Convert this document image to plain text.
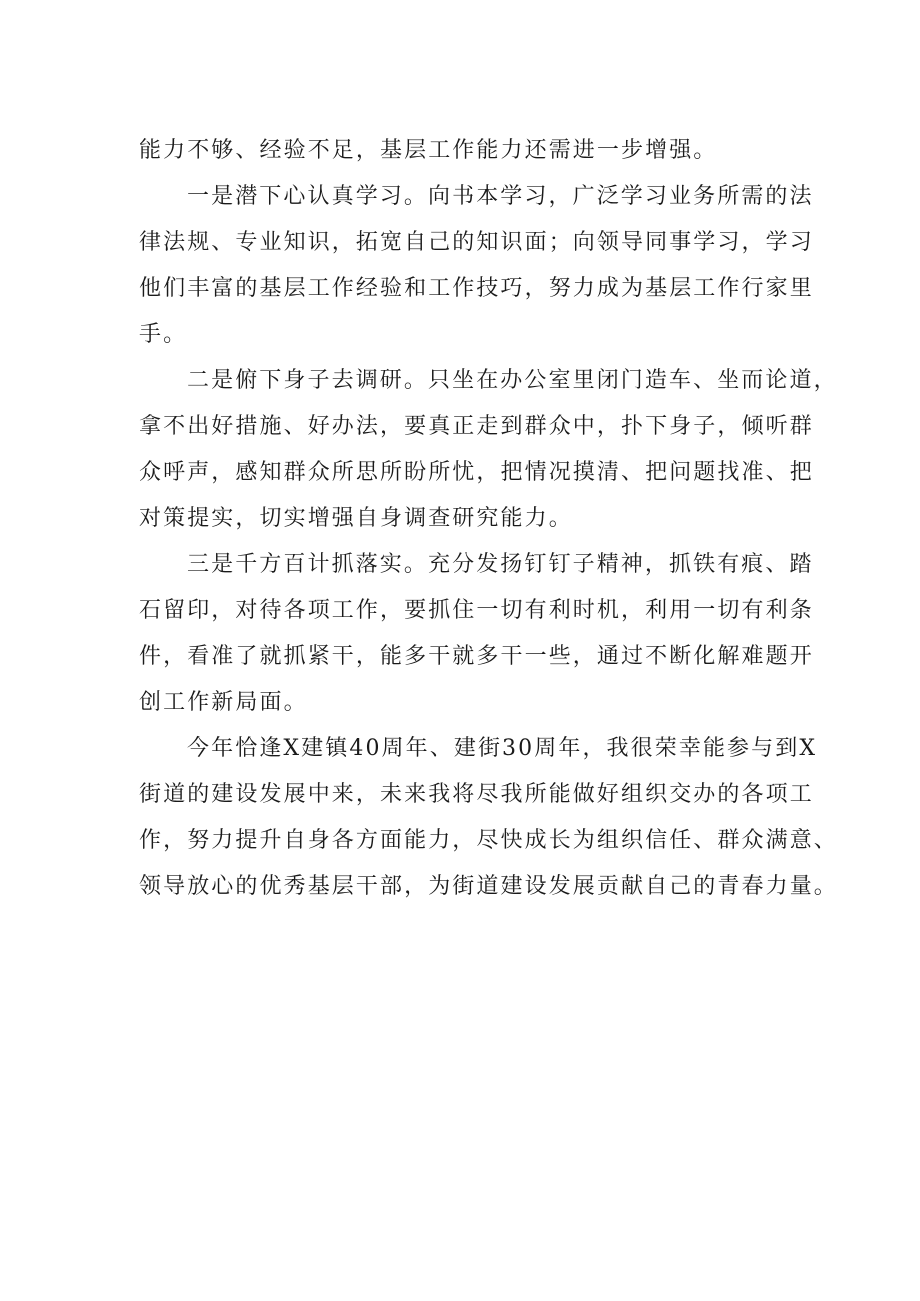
能力不够、经验不足，基层工作能力还需进一步增强。
一是潜下心认真学习。向书本学习，广泛学习业务所需的法
律法规、专业知识，拓宽自己的知识面；向领导同事学习，学习
他们丰富的基层工作经验和工作技巧，努力成为基层工作行家里
手。
二是俯下身子去调研。只坐在办公室里闭门造车、坐而论道，
拿不出好措施、好办法，要真正走到群众中，扑下身子，倾听群
众呼声，感知群众所思所盼所忧，把情况摸清、把问题找准、把
对策提实，切实增强自身调查研究能力。
三是千方百计抓落实。充分发扬钉钉子精神，抓铁有痕、踏
石留印，对待各项工作，要抓住一切有利时机，利用一切有利条
件，看准了就抓紧干，能多干就多干一些，通过不断化解难题开
创工作新局面。
今年恰逢X建镇40周年、建街30周年，我很荣幸能参与到X
街道的建设发展中来，未来我将尽我所能做好组织交办的各项工
作，努力提升自身各方面能力，尽快成长为组织信任、群众满意、
领导放心的优秀基层干部，为街道建设发展贡献自己的青春力量。
